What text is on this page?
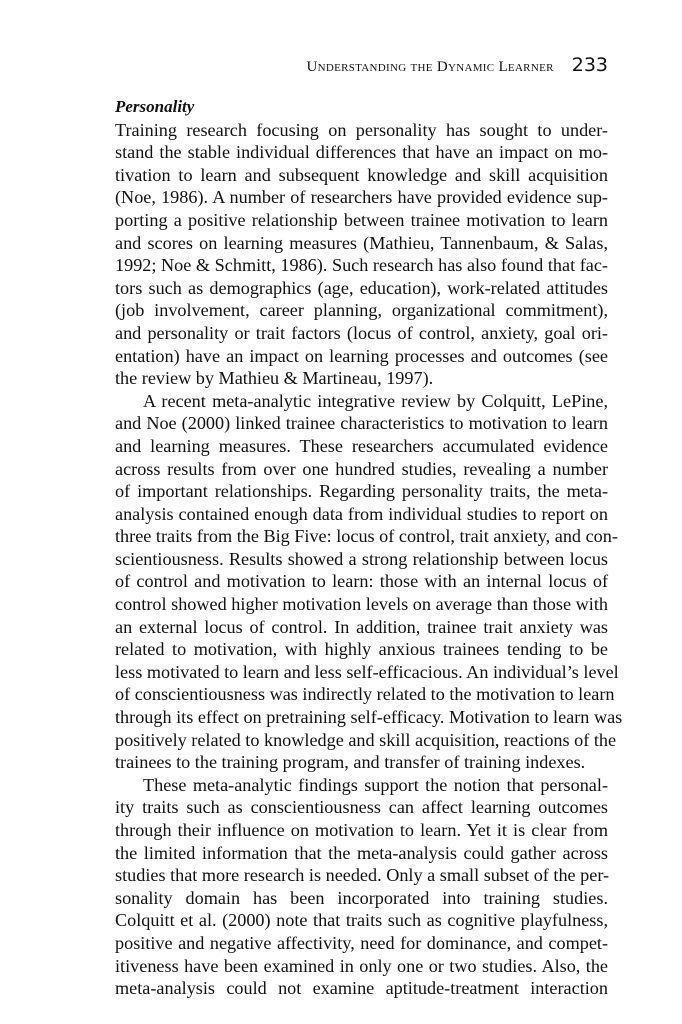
Understanding the Dynamic Learner 233
Personality
Training research focusing on personality has sought to under-
stand the stable individual differences that have an impact on mo-
tivation to learn and subsequent knowledge and skill acquisition
(Noe, 1986). A number of researchers have provided evidence sup-
porting a positive relationship between trainee motivation to learn
and scores on learning measures (Mathieu, Tannenbaum, & Salas,
1992; Noe & Schmitt, 1986). Such research has also found that fac-
tors such as demographics (age, education), work-related attitudes
(job involvement, career planning, organizational commitment),
and personality or trait factors (locus of control, anxiety, goal ori-
entation) have an impact on learning processes and outcomes (see
the review by Mathieu & Martineau, 1997).
A recent meta-analytic integrative review by Colquitt, LePine,
and Noe (2000) linked trainee characteristics to motivation to learn
and learning measures. These researchers accumulated evidence
across results from over one hundred studies, revealing a number
of important relationships. Regarding personality traits, the meta-
analysis contained enough data from individual studies to report on
three traits from the Big Five: locus of control, trait anxiety, and con-
scientiousness. Results showed a strong relationship between locus
of control and motivation to learn: those with an internal locus of
control showed higher motivation levels on average than those with
an external locus of control. In addition, trainee trait anxiety was
related to motivation, with highly anxious trainees tending to be
less motivated to learn and less self-efficacious. An individual’s level
of conscientiousness was indirectly related to the motivation to learn
through its effect on pretraining self-efficacy. Motivation to learn was
positively related to knowledge and skill acquisition, reactions of the
trainees to the training program, and transfer of training indexes.
These meta-analytic findings support the notion that personal-
ity traits such as conscientiousness can affect learning outcomes
through their influence on motivation to learn. Yet it is clear from
the limited information that the meta-analysis could gather across
studies that more research is needed. Only a small subset of the per-
sonality domain has been incorporated into training studies.
Colquitt et al. (2000) note that traits such as cognitive playfulness,
positive and negative affectivity, need for dominance, and compet-
itiveness have been examined in only one or two studies. Also, the
meta-analysis could not examine aptitude-treatment interaction
